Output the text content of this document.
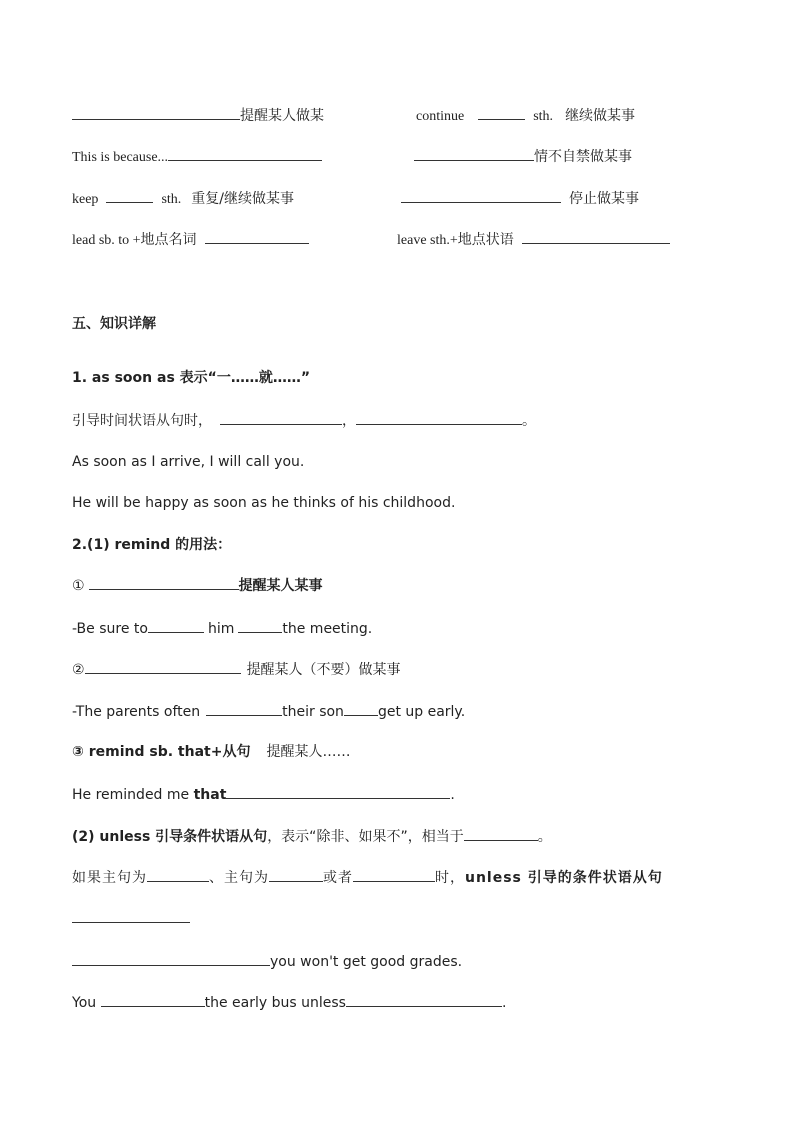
提醒某人做某	continue	sth. 继续做某事
This is because...	情不自禁做某事
keep	sth. 重复/继续做某事	停止做某事
lead sb. to +地点名词	leave sth.+地点状语
五、知识详解
1. as soon as 表示“一……就……”
引导时间状语从句时，	，	。
As soon as I arrive, I will call you.
He will be happy as soon as he thinks of his childhood.
2.(1) remind 的用法：
①	提醒某人某事
-Be sure to	him	the meeting.
②	提醒某人（不要）做某事
-The parents often	their son get up early.
③ remind sb. that+从句 提醒某人……
He reminded me that	.
(2) unless 引导条件状语从句，表示“除非、如果不”，相当于	。
如果主句为	、主句为	或者	时，unless 引导的条件状语从句
you won't get good grades.
You	the early bus unless	.
